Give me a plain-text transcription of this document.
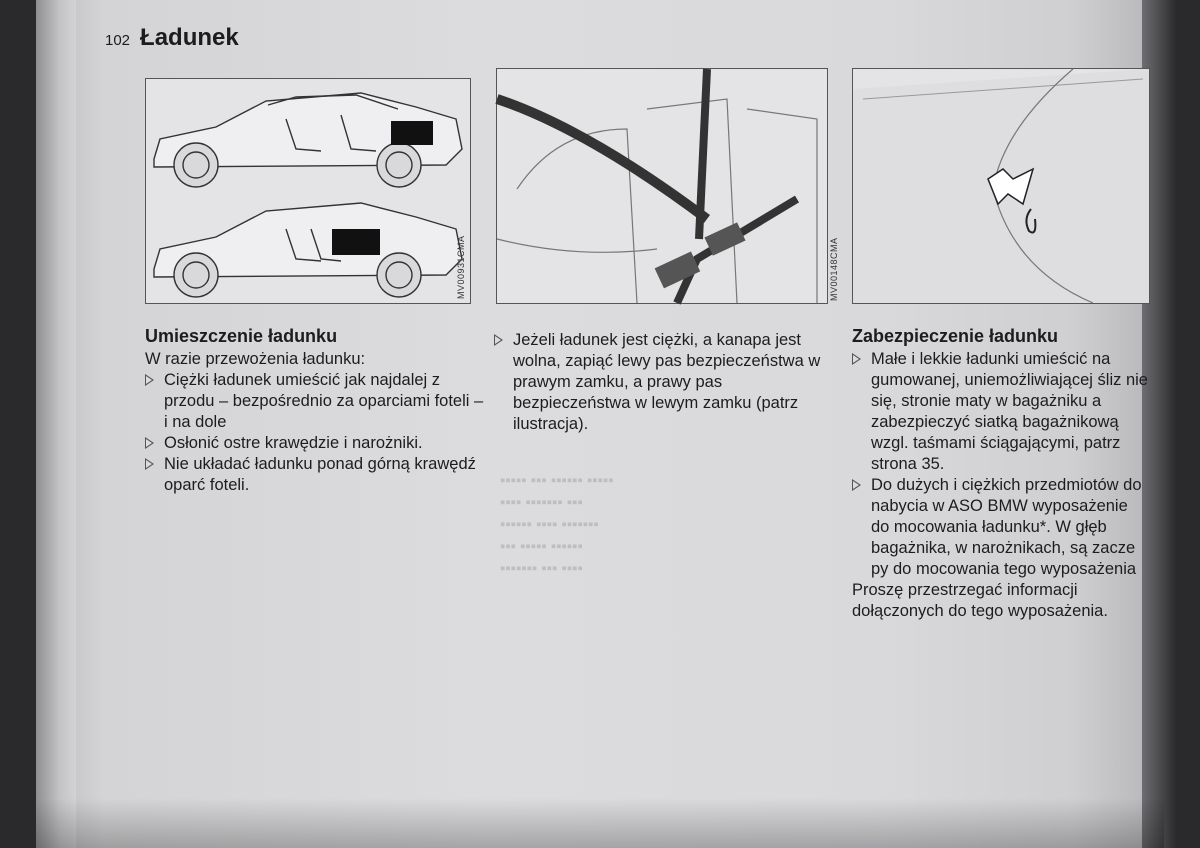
▪▪▪▪▪ ▪▪▪ ▪▪▪▪▪▪ ▪▪▪▪▪
▪▪▪▪ ▪▪▪▪▪▪▪ ▪▪▪
▪▪▪▪▪▪ ▪▪▪▪ ▪▪▪▪▪▪▪
▪▪▪ ▪▪▪▪▪ ▪▪▪▪▪▪
▪▪▪▪▪▪▪ ▪▪▪ ▪▪▪▪
102 Ładunek
MV00931CMA	MV00148CMA
Umieszczenie ładunku

W razie przewożenia ładunku:

Ciężki ładunek umieścić jak najdalej z przodu – bezpośrednio za oparciami foteli – i na dole
Osłonić ostre krawędzie i narożniki.
Nie układać ładunku ponad górną krawędź oparć foteli.
Jeżeli ładunek jest ciężki, a kanapa jest wolna, zapiąć lewy pas bezpieczeństwa w prawym zamku, a prawy pas bezpieczeństwa w lewym zamku (patrz ilustracja).
Zabezpieczenie ładunku
Małe i lekkie ładunki umieścić na gumowanej, uniemożliwiającej śliz nie się, stronie maty w bagażniku a zabezpieczyć siatką bagażnikową wzgl. taśmami ściągającymi, patrz strona 35.
Do dużych i ciężkich przedmiotów do nabycia w ASO BMW wyposażenie do mocowania ładunku*. W głęb bagażnika, w narożnikach, są zacze py do mocowania tego wyposażenia

Proszę przestrzegać informacji dołączonych do tego wyposażenia.
